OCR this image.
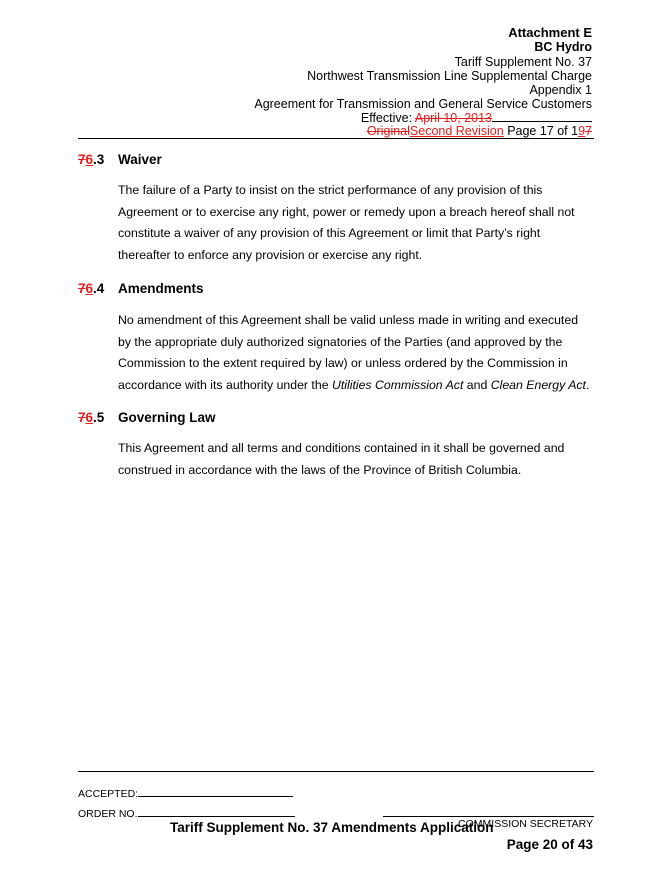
Attachment E
BC Hydro
Tariff Supplement No. 37
Northwest Transmission Line Supplemental Charge
Appendix 1
Agreement for Transmission and General Service Customers
Effective: April 10, 2013
OriginalSecond Revision Page 17 of 197
76.3 Waiver
The failure of a Party to insist on the strict performance of any provision of this Agreement or to exercise any right, power or remedy upon a breach hereof shall not constitute a waiver of any provision of this Agreement or limit that Party’s right thereafter to enforce any provision or exercise any right.
76.4 Amendments
No amendment of this Agreement shall be valid unless made in writing and executed by the appropriate duly authorized signatories of the Parties (and approved by the Commission to the extent required by law) or unless ordered by the Commission in accordance with its authority under the Utilities Commission Act and Clean Energy Act.
76.5 Governing Law
This Agreement and all terms and conditions contained in it shall be governed and construed in accordance with the laws of the Province of British Columbia.
ACCEPTED:
ORDER NO.
COMMISSION SECRETARY
Tariff Supplement No. 37 Amendments Application
Page 20 of 43
